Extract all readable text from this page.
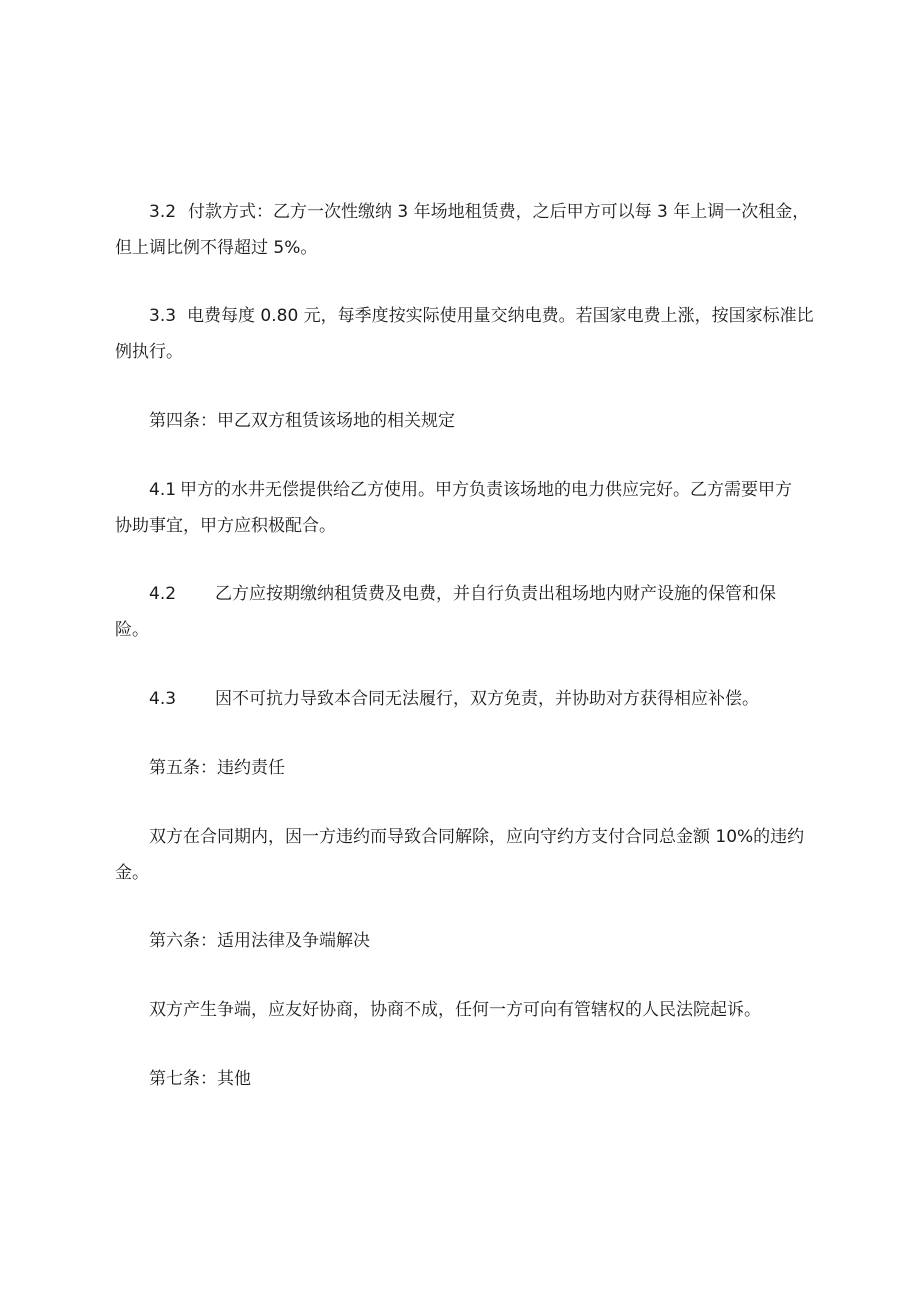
3.2 付款方式：乙方一次性缴纳 3 年场地租赁费，之后甲方可以每 3 年上调一次租金，

但上调比例不得超过 5%。

3.3 电费每度 0.80 元，每季度按实际使用量交纳电费。若国家电费上涨，按国家标准比

例执行。

第四条：甲乙双方租赁该场地的相关规定

4.1 甲方的水井无偿提供给乙方使用。甲方负责该场地的电力供应完好。乙方需要甲方

协助事宜，甲方应积极配合。

4.2 乙方应按期缴纳租赁费及电费，并自行负责出租场地内财产设施的保管和保

险。

4.3 因不可抗力导致本合同无法履行，双方免责，并协助对方获得相应补偿。

第五条：违约责任

双方在合同期内，因一方违约而导致合同解除，应向守约方支付合同总金额 10%的违约

金。

第六条：适用法律及争端解决

双方产生争端，应友好协商，协商不成，任何一方可向有管辖权的人民法院起诉。

第七条：其他
